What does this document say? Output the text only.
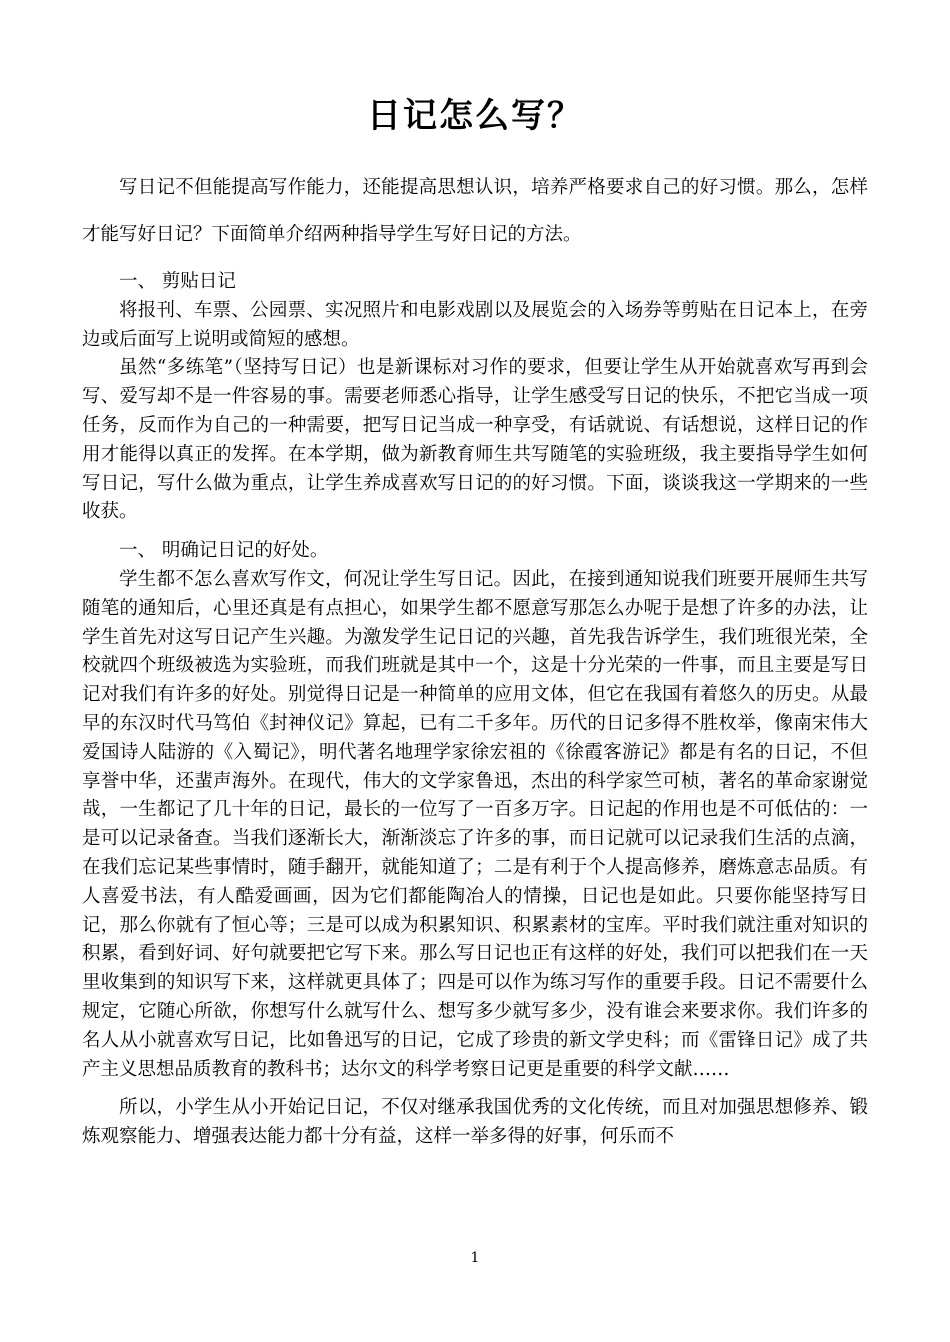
日记怎么写？

写日记不但能提高写作能力，还能提高思想认识，培养严格要求自己的好习惯。那么，怎样才能写好日记？下面简单介绍两种指导学生写好日记的方法。

一、 剪贴日记

将报刊、车票、公园票、实况照片和电影戏剧以及展览会的入场券等剪贴在日记本上，在旁边或后面写上说明或简短的感想。

虽然“多练笔”（坚持写日记）也是新课标对习作的要求，但要让学生从开始就喜欢写再到会写、爱写却不是一件容易的事。需要老师悉心指导，让学生感受写日记的快乐，不把它当成一项任务，反而作为自己的一种需要，把写日记当成一种享受，有话就说、有话想说，这样日记的作用才能得以真正的发挥。在本学期，做为新教育师生共写随笔的实验班级，我主要指导学生如何写日记，写什么做为重点，让学生养成喜欢写日记的的好习惯。下面，谈谈我这一学期来的一些收获。

一、 明确记日记的好处。

学生都不怎么喜欢写作文，何况让学生写日记。因此，在接到通知说我们班要开展师生共写随笔的通知后，心里还真是有点担心，如果学生都不愿意写那怎么办呢于是想了许多的办法，让学生首先对这写日记产生兴趣。为激发学生记日记的兴趣，首先我告诉学生，我们班很光荣，全校就四个班级被选为实验班，而我们班就是其中一个，这是十分光荣的一件事，而且主要是写日记对我们有许多的好处。别觉得日记是一种简单的应用文体，但它在我国有着悠久的历史。从最早的东汉时代马笃伯《封神仪记》算起，已有二千多年。历代的日记多得不胜枚举，像南宋伟大爱国诗人陆游的《入蜀记》，明代著名地理学家徐宏祖的《徐霞客游记》都是有名的日记，不但享誉中华，还蜚声海外。在现代，伟大的文学家鲁迅，杰出的科学家竺可桢，著名的革命家谢觉哉，一生都记了几十年的日记，最长的一位写了一百多万字。日记起的作用也是不可低估的：一是可以记录备查。当我们逐渐长大，渐渐淡忘了许多的事，而日记就可以记录我们生活的点滴，在我们忘记某些事情时，随手翻开，就能知道了；二是有利于个人提高修养，磨炼意志品质。有人喜爱书法，有人酷爱画画，因为它们都能陶冶人的情操，日记也是如此。只要你能坚持写日记，那么你就有了恒心等；三是可以成为积累知识、积累素材的宝库。平时我们就注重对知识的积累，看到好词、好句就要把它写下来。那么写日记也正有这样的好处，我们可以把我们在一天里收集到的知识写下来，这样就更具体了；四是可以作为练习写作的重要手段。日记不需要什么规定，它随心所欲，你想写什么就写什么、想写多少就写多少，没有谁会来要求你。我们许多的名人从小就喜欢写日记，比如鲁迅写的日记，它成了珍贵的新文学史科；而《雷锋日记》成了共产主义思想品质教育的教科书；达尔文的科学考察日记更是重要的科学文献……

所以，小学生从小开始记日记，不仅对继承我国优秀的文化传统，而且对加强思想修养、锻炼观察能力、增强表达能力都十分有益，这样一举多得的好事，何乐而不

1
